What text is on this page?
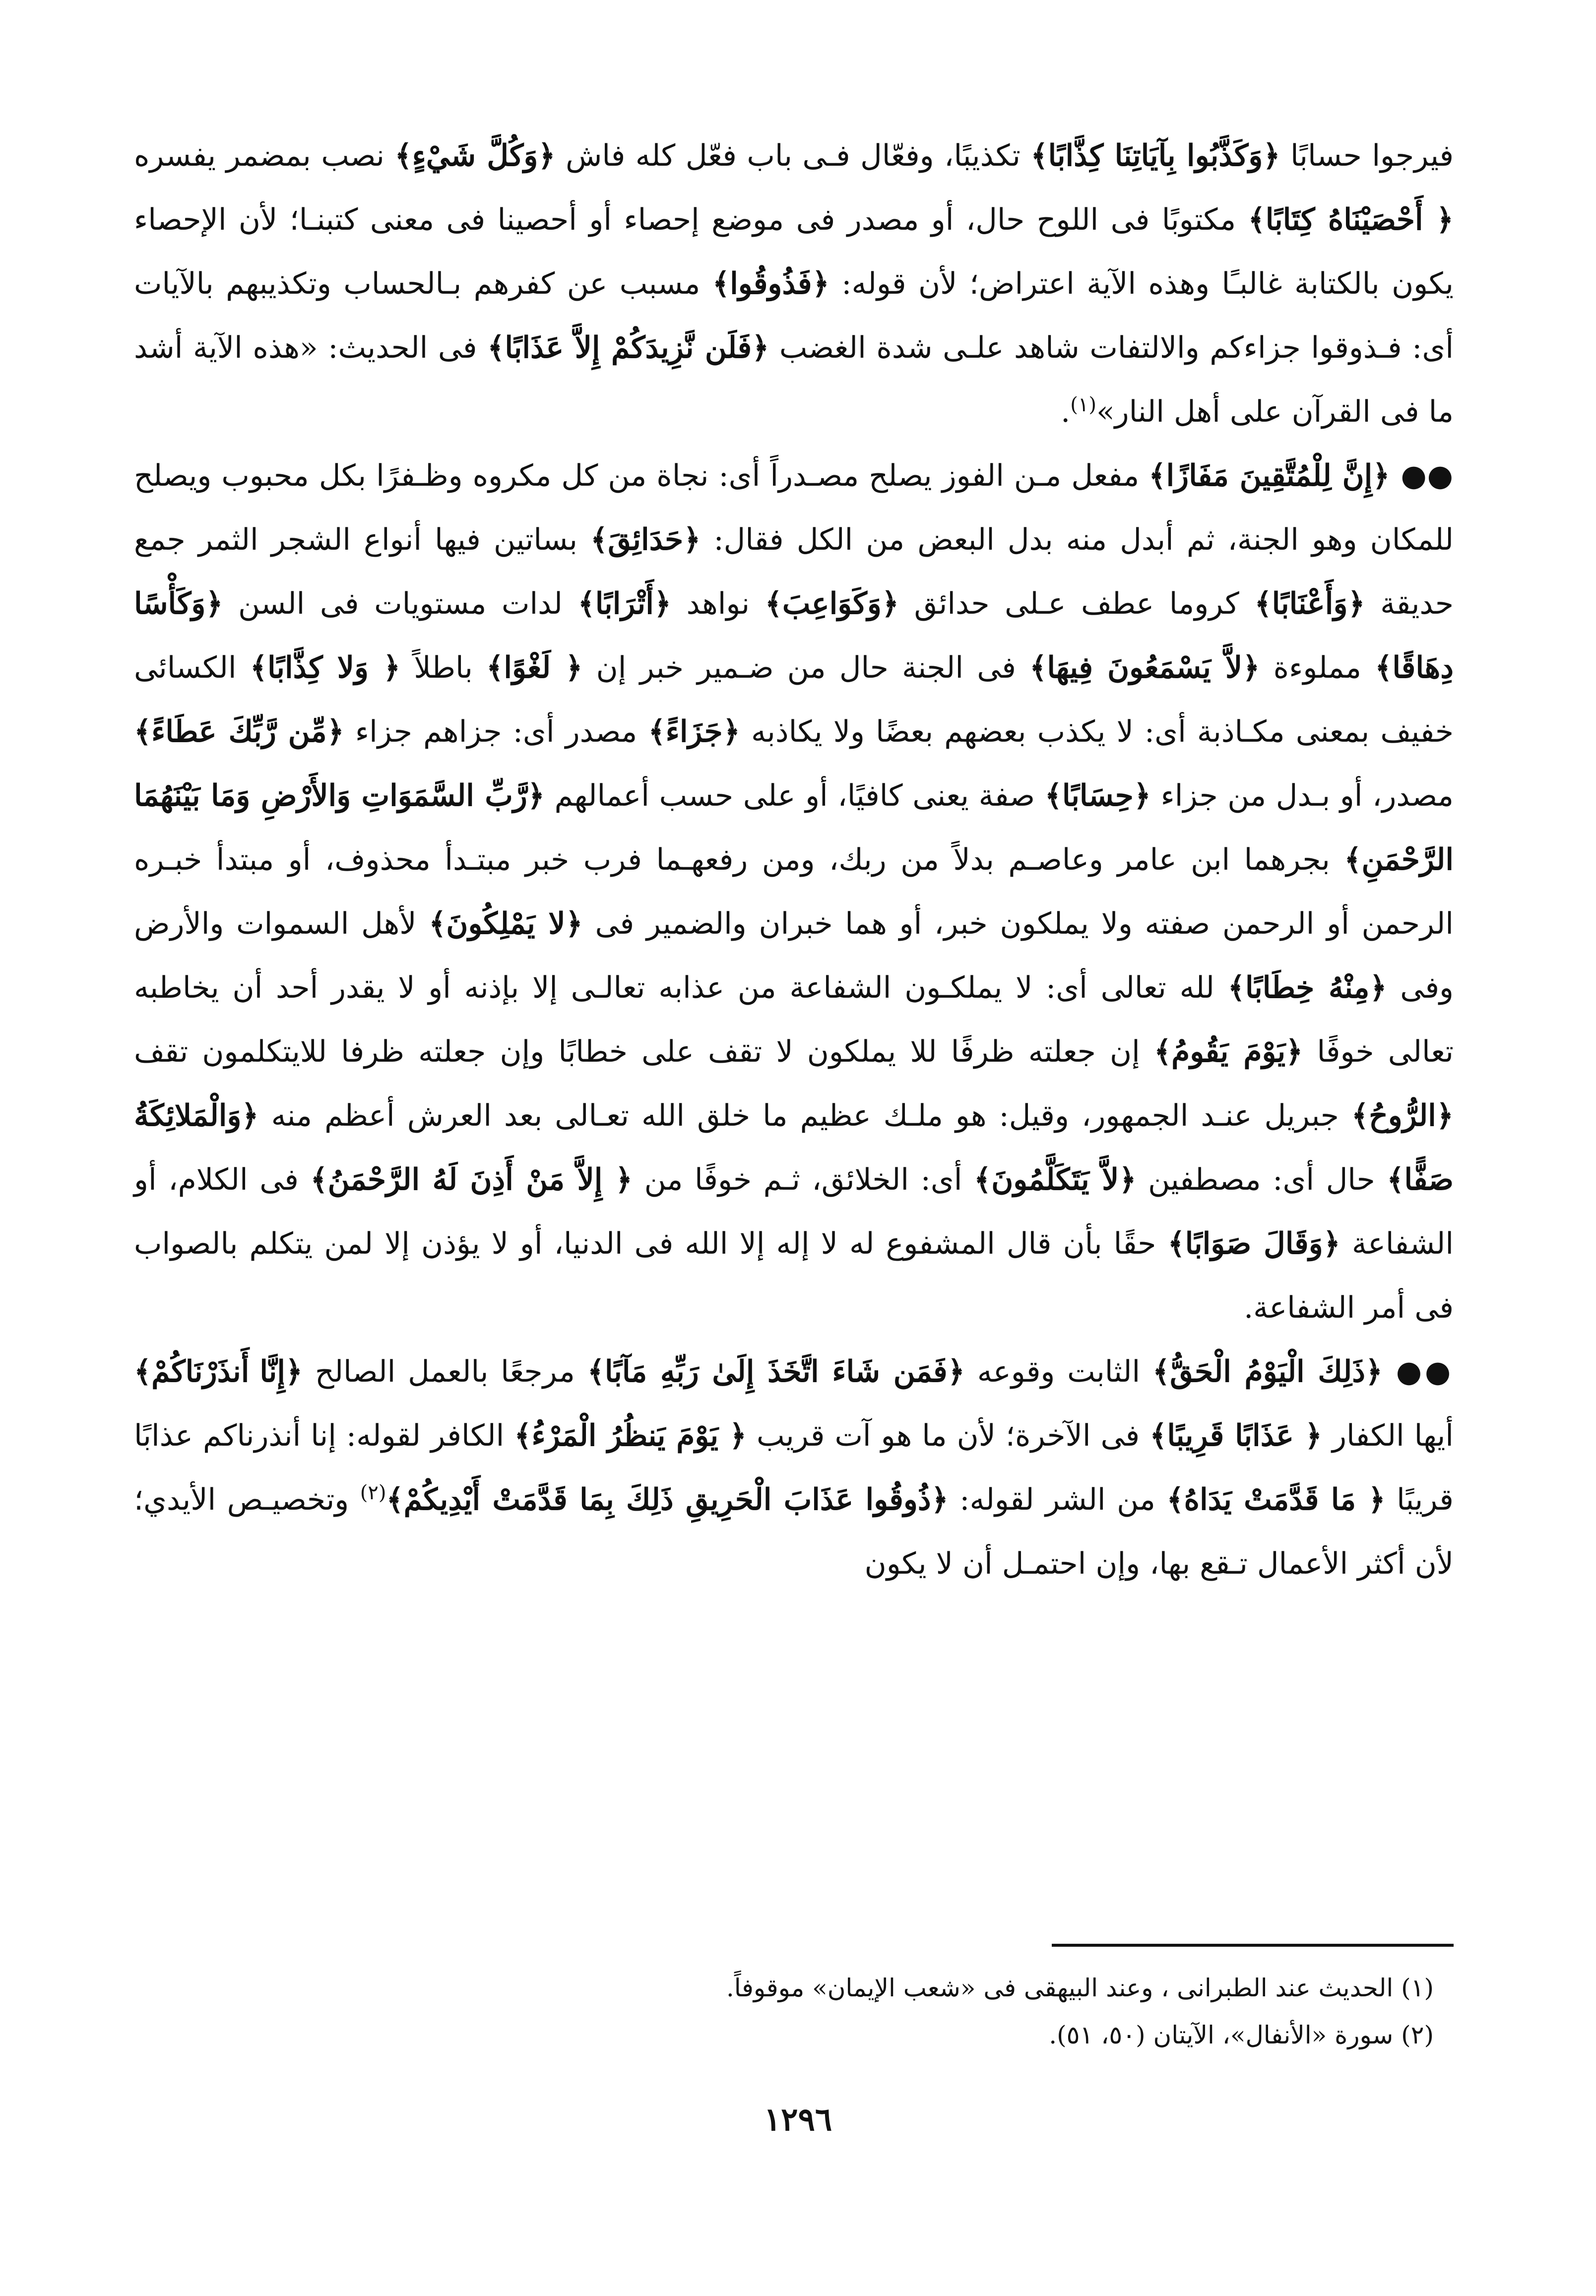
فيرجوا حسابًا ﴿وَكَذَّبُوا بِآيَاتِنَا كِذَّابًا﴾ تكذيبًا، وفعّال فـى باب فعّل كله فاش ﴿وَكُلَّ شَيْءٍ﴾ نصب بمضمر يفسره ﴿ أَحْصَيْنَاهُ كِتَابًا﴾ مكتوبًا فى اللوح حال، أو مصدر فى موضع إحصاء أو أحصينا فى معنى كتبنـا؛ لأن الإحصاء يكون بالكتابة غالبـًا وهذه الآية اعتراض؛ لأن قوله: ﴿فَذُوقُوا﴾ مسبب عن كفرهم بـالحساب وتكذيبهم بالآيات أى: فـذوقوا جزاءكم والالتفات شاهد علـى شدة الغضب ﴿فَلَن نَّزِيدَكُمْ إِلاَّ عَذَابًا﴾ فى الحديث: «هذه الآية أشد ما فى القرآن على أهل النار»$^{(١)}$.

●● ﴿إِنَّ لِلْمُتَّقِينَ مَفَازًا﴾ مفعل مـن الفوز يصلح مصـدراً أى: نجاة من كل مكروه وظـفرًا بكل محبوب ويصلح للمكان وهو الجنة، ثم أبدل منه بدل البعض من الكل فقال: ﴿حَدَائِقَ﴾ بساتين فيها أنواع الشجر الثمر جمع حديقة ﴿وَأَعْنَابًا﴾ كروما عطف عـلى حدائق ﴿وَكَوَاعِبَ﴾ نواهد ﴿أَتْرَابًا﴾ لدات مستويات فى السن ﴿وَكَأْسًا دِهَاقًا﴾ مملوءة ﴿لاَّ يَسْمَعُونَ فِيهَا﴾ فى الجنة حال من ضـمير خبر إن ﴿ لَغْوًا﴾ باطلاً ﴿ وَلا كِذَّابًا﴾ الكسائى خفيف بمعنى مكـاذبة أى: لا يكذب بعضهم بعضًا ولا يكاذبه ﴿جَزَاءً﴾ مصدر أى: جزاهم جزاء ﴿مِّن رَّبِّكَ عَطَاءً﴾ مصدر، أو بـدل من جزاء ﴿حِسَابًا﴾ صفة يعنى كافيًا، أو على حسب أعمالهم ﴿رَّبِّ السَّمَوَاتِ وَالأَرْضِ وَمَا بَيْنَهُمَا الرَّحْمَنِ﴾ بجرهما ابن عامر وعاصـم بدلاً من ربك، ومن رفعهـما فرب خبر مبتـدأ محذوف، أو مبتدأ خبـره الرحمن أو الرحمن صفته ولا يملكون خبر، أو هما خبران والضمير فى ﴿لا يَمْلِكُونَ﴾ لأهل السموات والأرض وفى ﴿مِنْهُ خِطَابًا﴾ لله تعالى أى: لا يملكـون الشفاعة من عذابه تعالـى إلا بإذنه أو لا يقدر أحد أن يخاطبه تعالى خوفًا ﴿يَوْمَ يَقُومُ﴾ إن جعلته ظرفًا للا يملكون لا تقف على خطابًا وإن جعلته ظرفا للايتكلمون تقف ﴿الرُّوحُ﴾ جبريل عنـد الجمهور، وقيل: هو ملـك عظيم ما خلق الله تعـالى بعد العرش أعظم منه ﴿وَالْمَلائِكَةُ صَفًّا﴾ حال أى: مصطفين ﴿لاَّ يَتَكَلَّمُونَ﴾ أى: الخلائق، ثـم خوفًا من ﴿ إِلاَّ مَنْ أَذِنَ لَهُ الرَّحْمَنُ﴾ فى الكلام، أو الشفاعة ﴿وَقَالَ صَوَابًا﴾ حقًا بأن قال المشفوع له لا إله إلا الله فى الدنيا، أو لا يؤذن إلا لمن يتكلم بالصواب فى أمر الشفاعة.

●● ﴿ذَلِكَ الْيَوْمُ الْحَقُّ﴾ الثابت وقوعه ﴿فَمَن شَاءَ اتَّخَذَ إِلَىٰ رَبِّهِ مَآبًا﴾ مرجعًا بالعمل الصالح ﴿إِنَّا أَنذَرْنَاكُمْ﴾ أيها الكفار ﴿ عَذَابًا قَرِيبًا﴾ فى الآخرة؛ لأن ما هو آت قريب ﴿ يَوْمَ يَنظُرُ الْمَرْءُ﴾ الكافر لقوله: إنا أنذرناكم عذابًا قريبًا ﴿ مَا قَدَّمَتْ يَدَاهُ﴾ من الشر لقوله: ﴿ذُوقُوا عَذَابَ الْحَرِيقِ ذَلِكَ بِمَا قَدَّمَتْ أَيْدِيكُمْ﴾$^{(٢)}$ وتخصيـص الأيدي؛ لأن أكثر الأعمال تـقع بها، وإن احتمـل أن لا يكون

(١) الحديث عند الطبرانى ، وعند البيهقى فى «شعب الإيمان» موقوفاً.

(٢) سورة «الأنفال»، الآيتان (٥٠، ٥١).

١٢٩٦
